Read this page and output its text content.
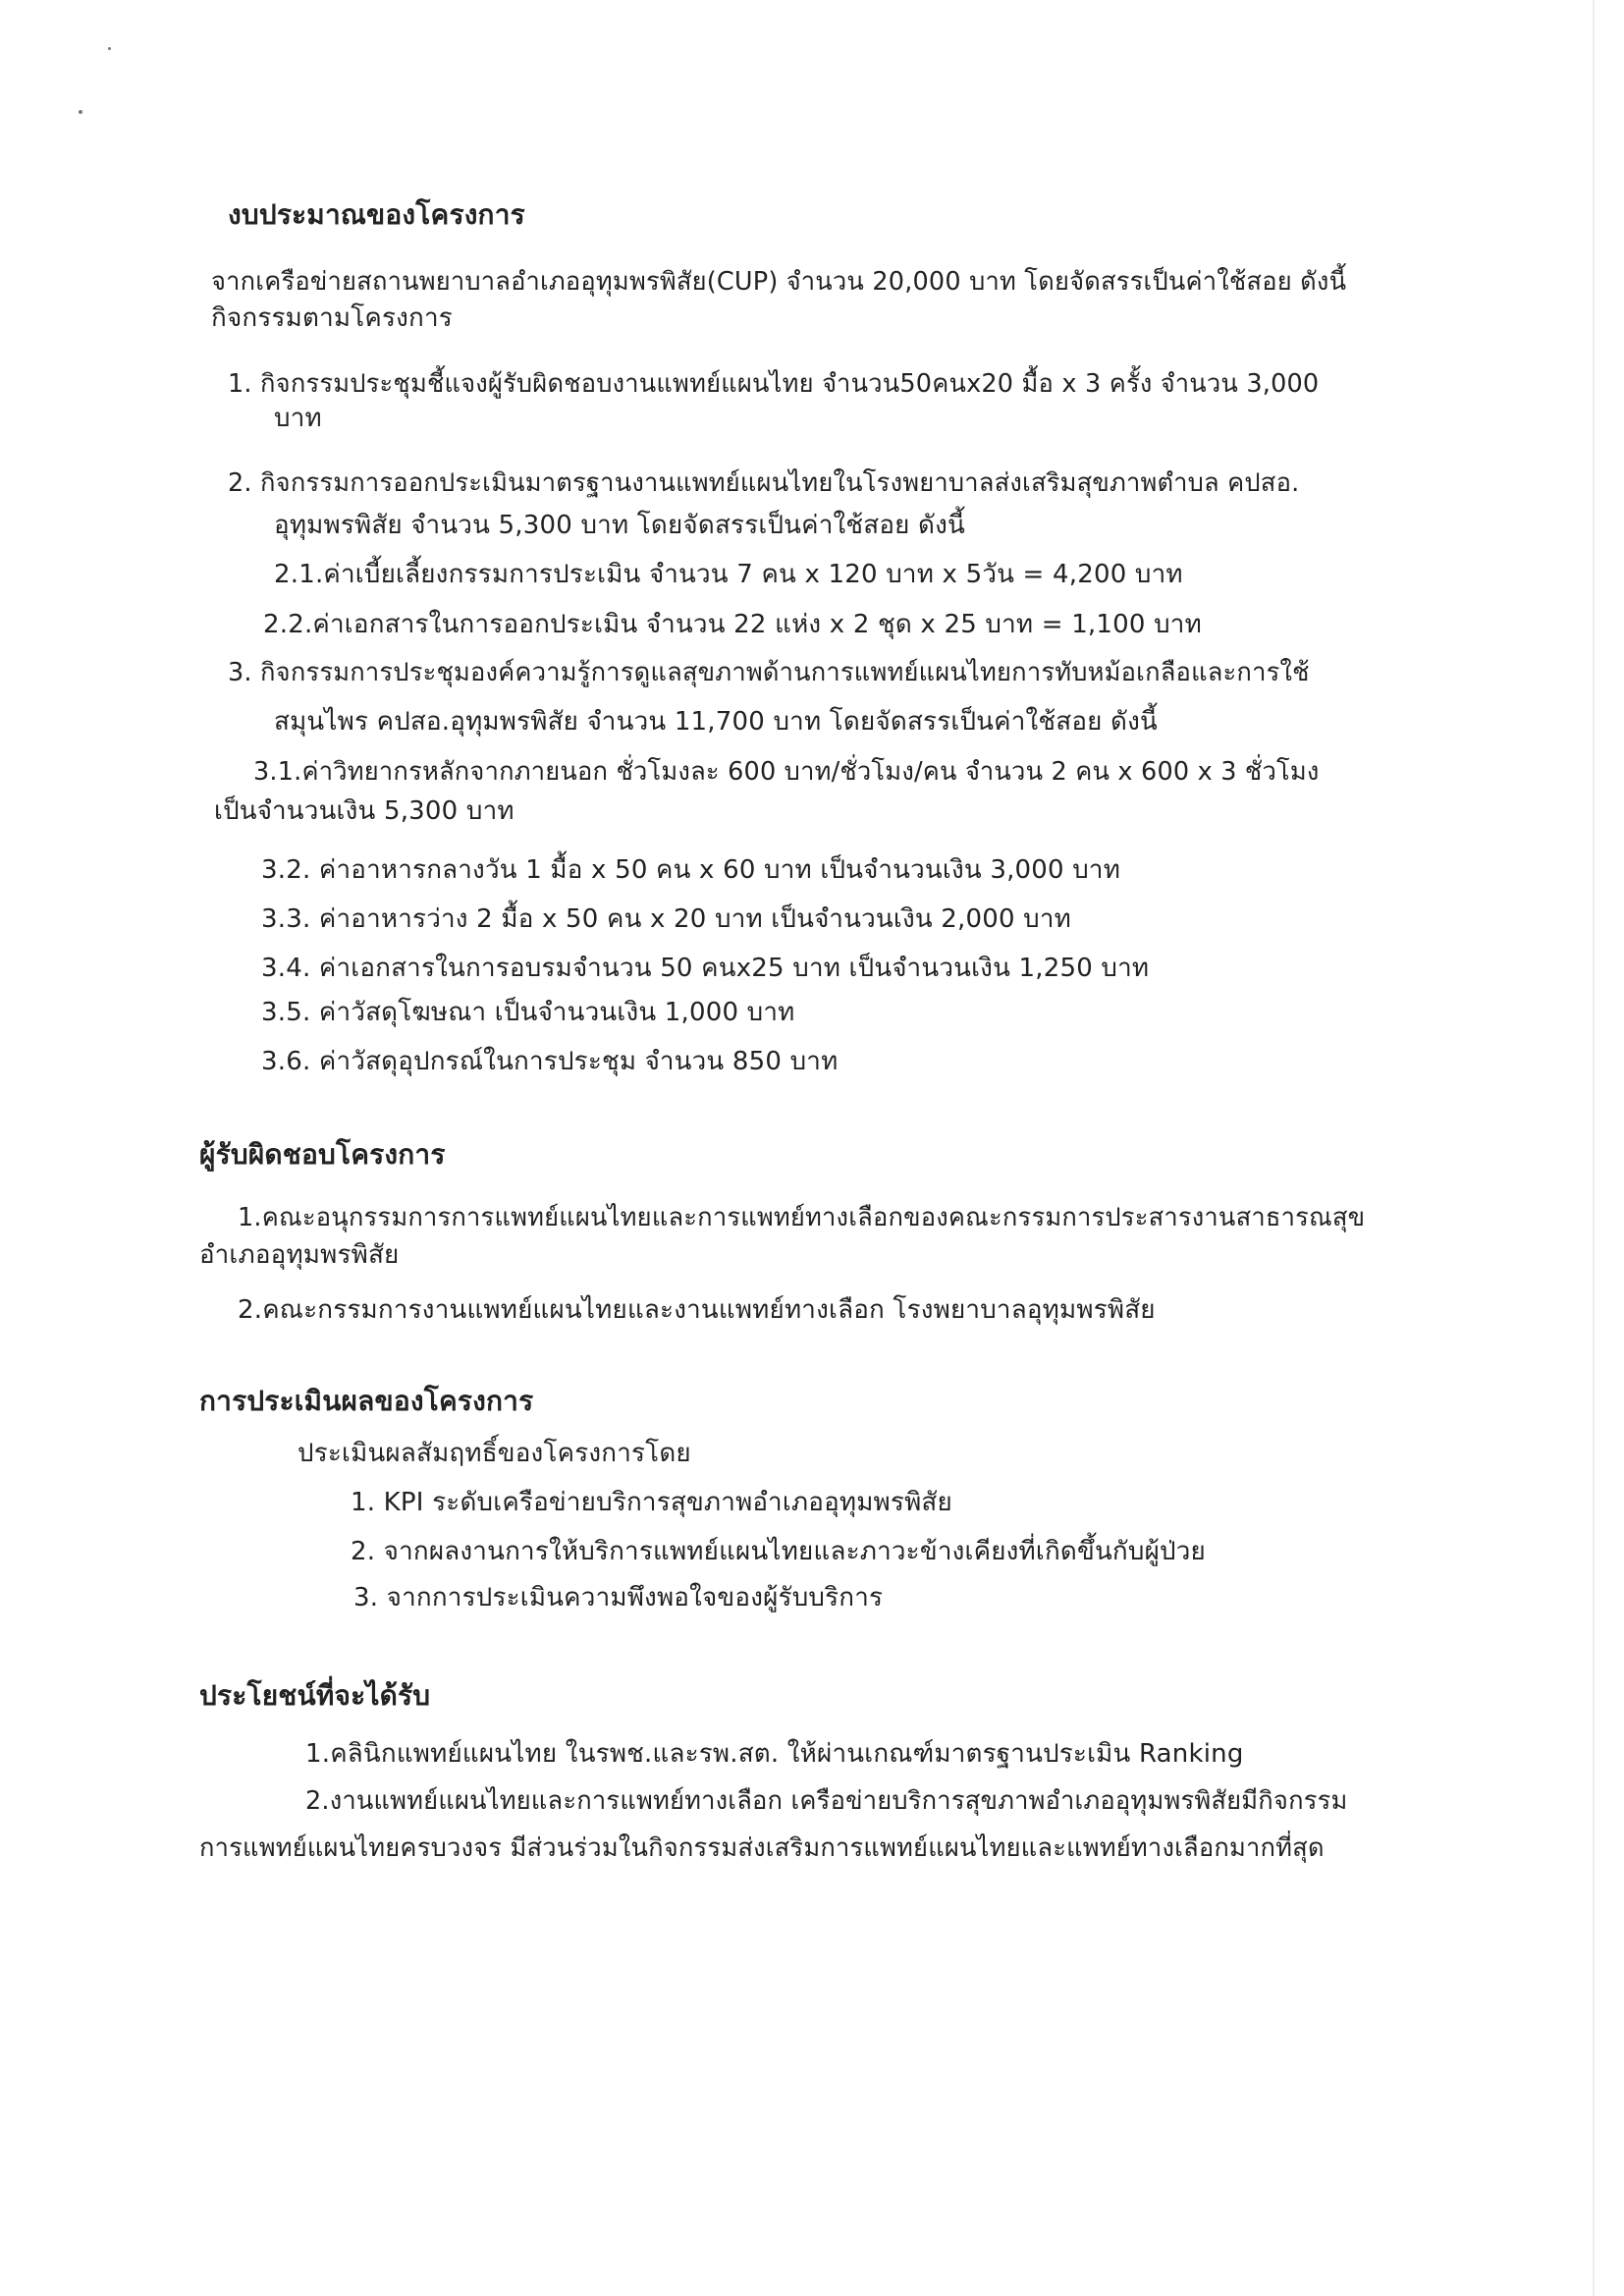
งบประมาณของโครงการ
จากเครือข่ายสถานพยาบาลอำเภออุทุมพรพิสัย(CUP) จำนวน 20,000 บาท โดยจัดสรรเป็นค่าใช้สอย ดังนี้
กิจกรรมตามโครงการ
1. กิจกรรมประชุมชี้แจงผู้รับผิดชอบงานแพทย์แผนไทย จำนวน50คนx20 มื้อ x 3 ครั้ง จำนวน 3,000
บาท
2. กิจกรรมการออกประเมินมาตรฐานงานแพทย์แผนไทยในโรงพยาบาลส่งเสริมสุขภาพตำบล คปสอ.
อุทุมพรพิสัย จำนวน 5,300 บาท โดยจัดสรรเป็นค่าใช้สอย ดังนี้
2.1.ค่าเบี้ยเลี้ยงกรรมการประเมิน จำนวน 7 คน x 120 บาท x 5วัน = 4,200 บาท
2.2.ค่าเอกสารในการออกประเมิน จำนวน 22 แห่ง x 2 ชุด x 25 บาท = 1,100 บาท
3. กิจกรรมการประชุมองค์ความรู้การดูแลสุขภาพด้านการแพทย์แผนไทยการทับหม้อเกลือและการใช้
สมุนไพร คปสอ.อุทุมพรพิสัย จำนวน 11,700 บาท โดยจัดสรรเป็นค่าใช้สอย ดังนี้
3.1.ค่าวิทยากรหลักจากภายนอก ชั่วโมงละ 600 บาท/ชั่วโมง/คน จำนวน 2 คน x 600 x 3 ชั่วโมง
เป็นจำนวนเงิน 5,300 บาท
3.2. ค่าอาหารกลางวัน 1 มื้อ x 50 คน x 60 บาท เป็นจำนวนเงิน 3,000 บาท
3.3. ค่าอาหารว่าง 2 มื้อ x 50 คน x 20 บาท เป็นจำนวนเงิน 2,000 บาท
3.4. ค่าเอกสารในการอบรมจำนวน 50 คนx25 บาท เป็นจำนวนเงิน 1,250 บาท
3.5. ค่าวัสดุโฆษณา เป็นจำนวนเงิน 1,000 บาท
3.6. ค่าวัสดุอุปกรณ์ในการประชุม จำนวน 850 บาท
ผู้รับผิดชอบโครงการ
1.คณะอนุกรรมการการแพทย์แผนไทยและการแพทย์ทางเลือกของคณะกรรมการประสารงานสาธารณสุข
อำเภออุทุมพรพิสัย
2.คณะกรรมการงานแพทย์แผนไทยและงานแพทย์ทางเลือก โรงพยาบาลอุทุมพรพิสัย
การประเมินผลของโครงการ
ประเมินผลสัมฤทธิ์ของโครงการโดย
1. KPI ระดับเครือข่ายบริการสุขภาพอำเภออุทุมพรพิสัย
2. จากผลงานการให้บริการแพทย์แผนไทยและภาวะข้างเคียงที่เกิดขึ้นกับผู้ป่วย
3. จากการประเมินความพึงพอใจของผู้รับบริการ
ประโยชน์ที่จะได้รับ
1.คลินิกแพทย์แผนไทย ในรพช.และรพ.สต. ให้ผ่านเกณฑ์มาตรฐานประเมิน Ranking
2.งานแพทย์แผนไทยและการแพทย์ทางเลือก เครือข่ายบริการสุขภาพอำเภออุทุมพรพิสัยมีกิจกรรม
การแพทย์แผนไทยครบวงจร มีส่วนร่วมในกิจกรรมส่งเสริมการแพทย์แผนไทยและแพทย์ทางเลือกมากที่สุด
